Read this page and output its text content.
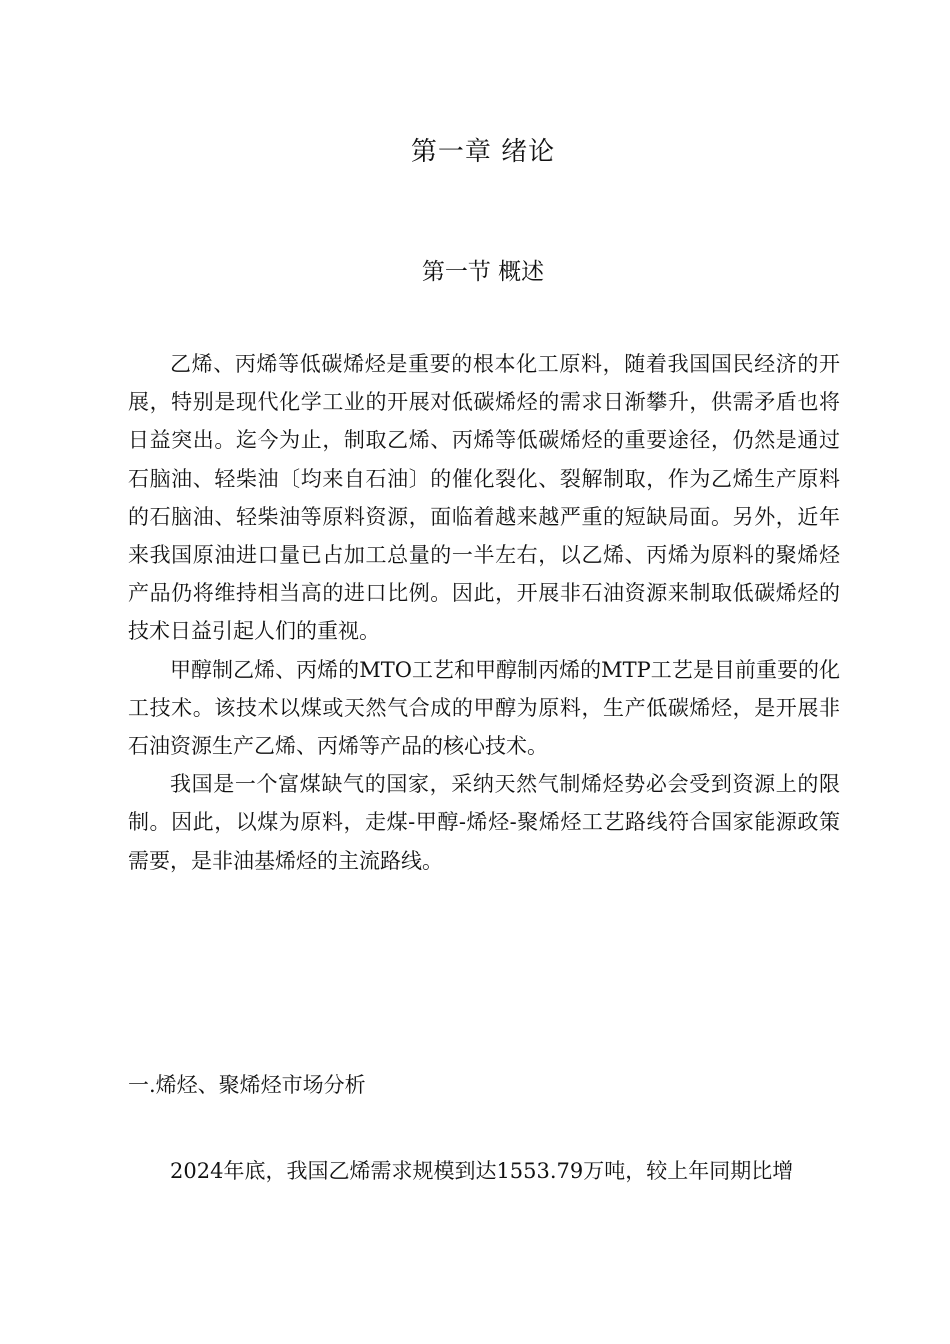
第一章 绪论
第一节 概述

乙烯、丙烯等低碳烯烃是重要的根本化工原料，随着我国国民经济的开展，特别是现代化学工业的开展对低碳烯烃的需求日渐攀升，供需矛盾也将日益突出。迄今为止，制取乙烯、丙烯等低碳烯烃的重要途径，仍然是通过石脑油、轻柴油〔均来自石油〕的催化裂化、裂解制取，作为乙烯生产原料的石脑油、轻柴油等原料资源，面临着越来越严重的短缺局面。另外，近年来我国原油进口量已占加工总量的一半左右，以乙烯、丙烯为原料的聚烯烃产品仍将维持相当高的进口比例。因此，开展非石油资源来制取低碳烯烃的技术日益引起人们的重视。

甲醇制乙烯、丙烯的MTO工艺和甲醇制丙烯的MTP工艺是目前重要的化工技术。该技术以煤或天然气合成的甲醇为原料，生产低碳烯烃，是开展非石油资源生产乙烯、丙烯等产品的核心技术。

我国是一个富煤缺气的国家，采纳天然气制烯烃势必会受到资源上的限制。因此，以煤为原料，走煤-甲醇-烯烃-聚烯烃工艺路线符合国家能源政策需要，是非油基烯烃的主流路线。

一.烯烃、聚烯烃市场分析

2024年底，我国乙烯需求规模到达1553.79万吨，较上年同期比增
